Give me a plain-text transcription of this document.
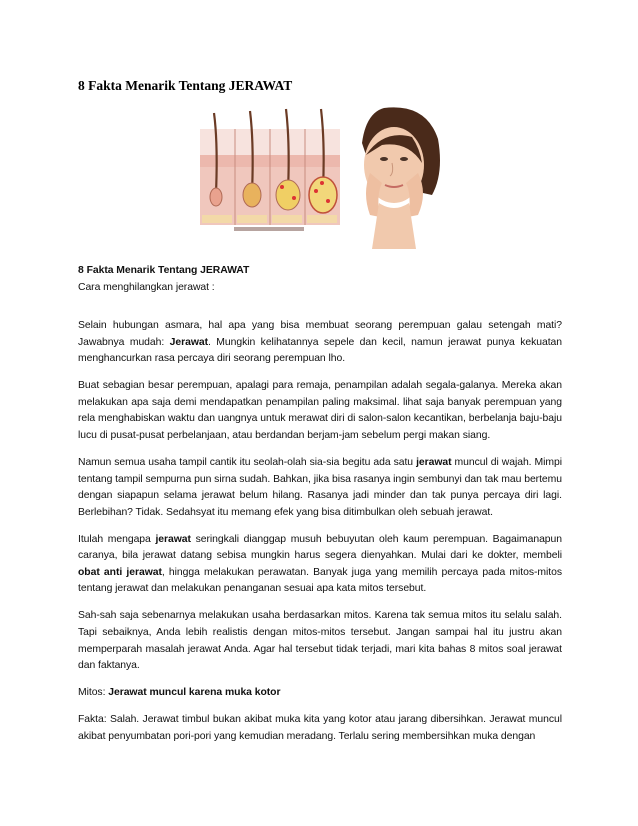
8 Fakta Menarik Tentang JERAWAT
8 Fakta Menarik Tentang JERAWAT
Cara menghilangkan jerawat :

Selain hubungan asmara, hal apa yang bisa membuat seorang perempuan galau setengah mati? Jawabnya mudah: Jerawat. Mungkin kelihatannya sepele dan kecil, namun jerawat punya kekuatan menghancurkan rasa percaya diri seorang perempuan lho.

Buat sebagian besar perempuan, apalagi para remaja, penampilan adalah segala-galanya. Mereka akan melakukan apa saja demi mendapatkan penampilan paling maksimal. lihat saja banyak perempuan yang rela menghabiskan waktu dan uangnya untuk merawat diri di salon-salon kecantikan, berbelanja baju-baju lucu di pusat-pusat perbelanjaan, atau berdandan berjam-jam sebelum pergi makan siang.

Namun semua usaha tampil cantik itu seolah-olah sia-sia begitu ada satu jerawat muncul di wajah. Mimpi tentang tampil sempurna pun sirna sudah. Bahkan, jika bisa rasanya ingin sembunyi dan tak mau bertemu dengan siapapun selama jerawat belum hilang. Rasanya jadi minder dan tak punya percaya diri lagi. Berlebihan? Tidak. Sedahsyat itu memang efek yang bisa ditimbulkan oleh sebuah jerawat.

Itulah mengapa jerawat seringkali dianggap musuh bebuyutan oleh kaum perempuan. Bagaimanapun caranya, bila jerawat datang sebisa mungkin harus segera dienyahkan. Mulai dari ke dokter, membeli obat anti jerawat, hingga melakukan perawatan. Banyak juga yang memilih percaya pada mitos-mitos tentang jerawat dan melakukan penanganan sesuai apa kata mitos tersebut.

Sah-sah saja sebenarnya melakukan usaha berdasarkan mitos. Karena tak semua mitos itu selalu salah. Tapi sebaiknya, Anda lebih realistis dengan mitos-mitos tersebut. Jangan sampai hal itu justru akan memperparah masalah jerawat Anda. Agar hal tersebut tidak terjadi, mari kita bahas 8 mitos soal jerawat dan faktanya.

Mitos: Jerawat muncul karena muka kotor

Fakta: Salah. Jerawat timbul bukan akibat muka kita yang kotor atau jarang dibersihkan. Jerawat muncul akibat penyumbatan pori-pori yang kemudian meradang. Terlalu sering membersihkan muka dengan
